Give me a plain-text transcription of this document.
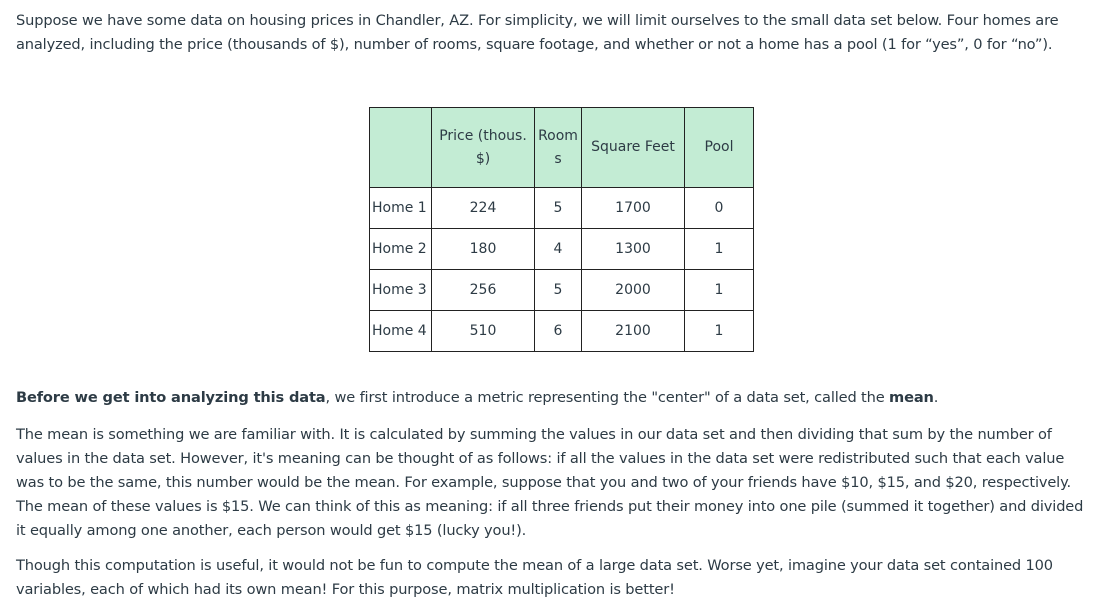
Suppose we have some data on housing prices in Chandler, AZ. For simplicity, we will limit ourselves to the small data set below. Four homes are analyzed, including the price (thousands of $), number of rooms, square footage, and whether or not a home has a pool (1 for “yes”, 0 for “no”).

	Price (thous. $)	Rooms	Square Feet	Pool
Home 1	224	5	1700	0
Home 2	180	4	1300	1
Home 3	256	5	2000	1
Home 4	510	6	2100	1

Before we get into analyzing this data, we first introduce a metric representing the "center" of a data set, called the mean.

The mean is something we are familiar with. It is calculated by summing the values in our data set and then dividing that sum by the number of values in the data set. However, it's meaning can be thought of as follows: if all the values in the data set were redistributed such that each value was to be the same, this number would be the mean. For example, suppose that you and two of your friends have $10, $15, and $20, respectively. The mean of these values is $15. We can think of this as meaning: if all three friends put their money into one pile (summed it together) and divided it equally among one another, each person would get $15 (lucky you!).

Though this computation is useful, it would not be fun to compute the mean of a large data set. Worse yet, imagine your data set contained 100 variables, each of which had its own mean! For this purpose, matrix multiplication is better!
